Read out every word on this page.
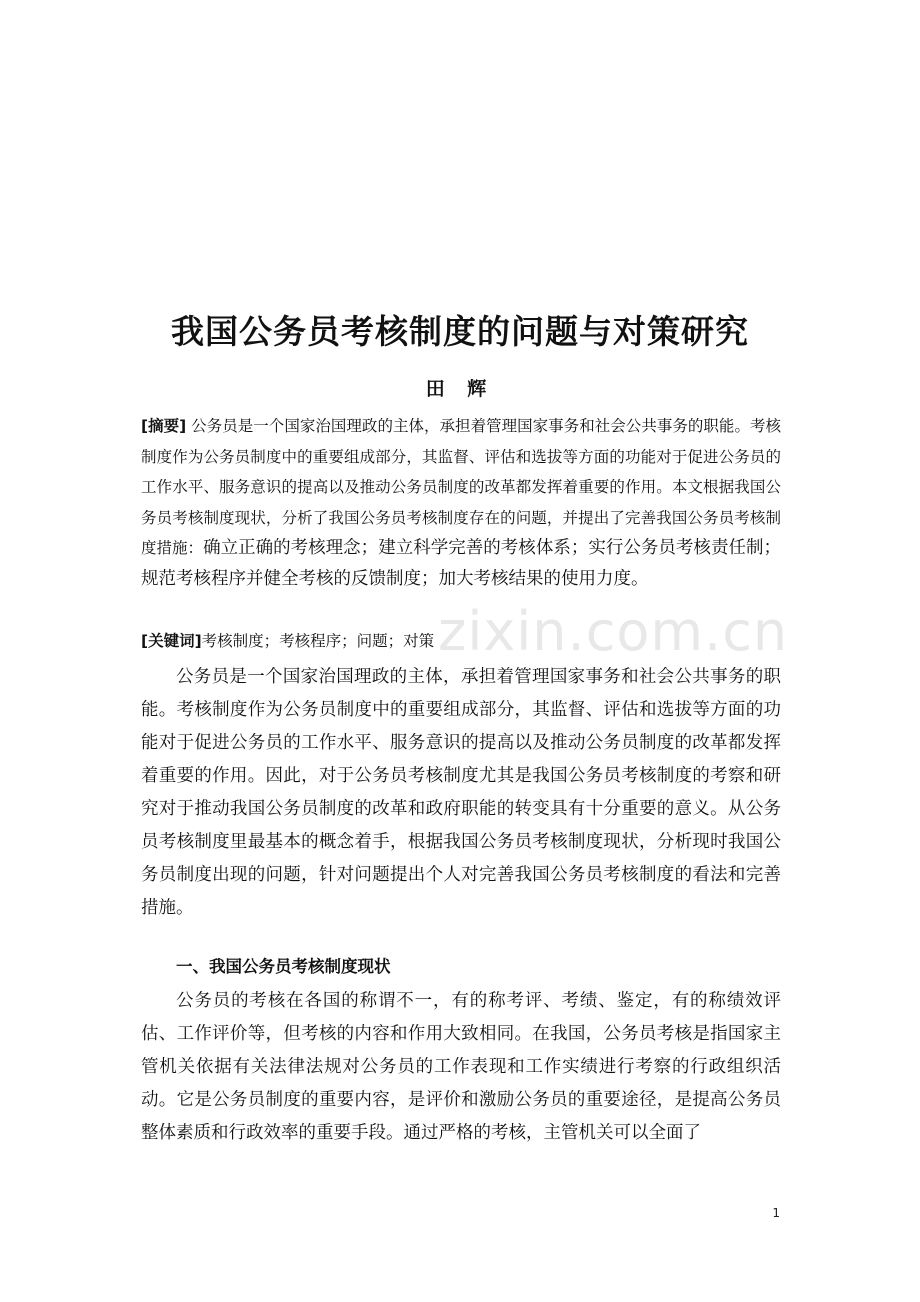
我国公务员考核制度的问题与对策研究
田 辉

[摘要] 公务员是一个国家治国理政的主体，承担着管理国家事务和社会公共事务的职能。考核制度作为公务员制度中的重要组成部分，其监督、评估和选拔等方面的功能对于促进公务员的工作水平、服务意识的提高以及推动公务员制度的改革都发挥着重要的作用。本文根据我国公务员考核制度现状，分析了我国公务员考核制度存在的问题，并提出了完善我国公务员考核制度措施：确立正确的考核理念；建立科学完善的考核体系；实行公务员考核责任制；规范考核程序并健全考核的反馈制度；加大考核结果的使用力度。

[关键词]考核制度；考核程序；问题；对策

公务员是一个国家治国理政的主体，承担着管理国家事务和社会公共事务的职能。考核制度作为公务员制度中的重要组成部分，其监督、评估和选拔等方面的功能对于促进公务员的工作水平、服务意识的提高以及推动公务员制度的改革都发挥着重要的作用。因此，对于公务员考核制度尤其是我国公务员考核制度的考察和研究对于推动我国公务员制度的改革和政府职能的转变具有十分重要的意义。从公务员考核制度里最基本的概念着手，根据我国公务员考核制度现状，分析现时我国公务员制度出现的问题，针对问题提出个人对完善我国公务员考核制度的看法和完善措施。

一、我国公务员考核制度现状

公务员的考核在各国的称谓不一，有的称考评、考绩、鉴定，有的称绩效评估、工作评价等，但考核的内容和作用大致相同。在我国，公务员考核是指国家主管机关依据有关法律法规对公务员的工作表现和工作实绩进行考察的行政组织活动。它是公务员制度的重要内容，是评价和激励公务员的重要途径，是提高公务员整体素质和行政效率的重要手段。通过严格的考核，主管机关可以全面了

zixin.com.cn
1
